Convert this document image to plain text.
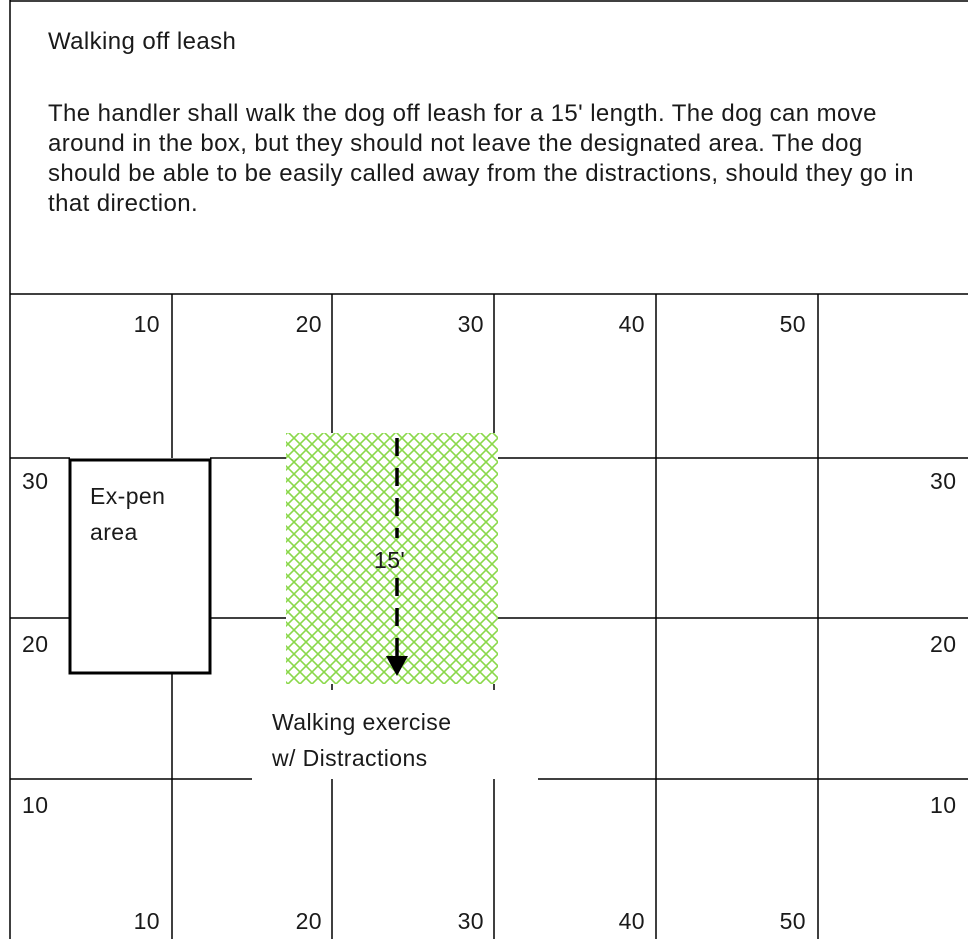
Walking off leash
The handler shall walk the dog off leash for a 15' length. The dog can move around in the box, but they should not leave the designated area. The dog should be able to be easily called away from the distractions, should they go in that direction.
10	20	30	40	50
10	20	30	40	50
30
20
10
30
20
10
Ex-pen
area
15'
Walking exercise
w/ Distractions
